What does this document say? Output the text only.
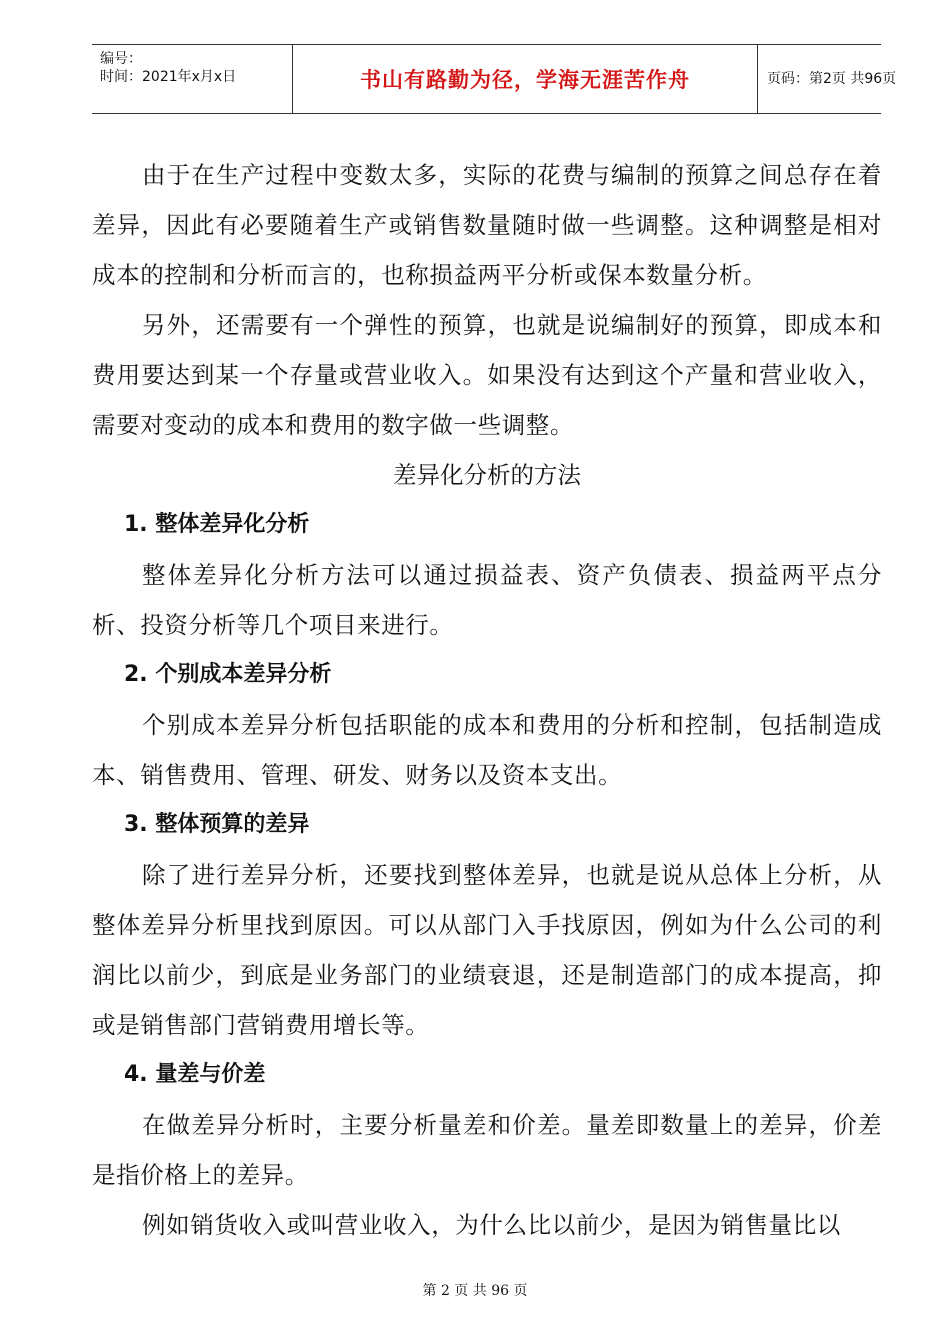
编号：
时间：2021年x月x日	书山有路勤为径，学海无涯苦作舟	页码：第2页 共96页

由于在生产过程中变数太多，实际的花费与编制的预算之间总存在着差异，因此有必要随着生产或销售数量随时做一些调整。这种调整是相对成本的控制和分析而言的，也称损益两平分析或保本数量分析。

另外，还需要有一个弹性的预算，也就是说编制好的预算，即成本和费用要达到某一个存量或营业收入。如果没有达到这个产量和营业收入，需要对变动的成本和费用的数字做一些调整。

差异化分析的方法

1. 整体差异化分析

整体差异化分析方法可以通过损益表、资产负债表、损益两平点分析、投资分析等几个项目来进行。

2. 个别成本差异分析

个别成本差异分析包括职能的成本和费用的分析和控制，包括制造成本、销售费用、管理、研发、财务以及资本支出。

3. 整体预算的差异

除了进行差异分析，还要找到整体差异，也就是说从总体上分析，从整体差异分析里找到原因。可以从部门入手找原因，例如为什么公司的利润比以前少，到底是业务部门的业绩衰退，还是制造部门的成本提高，抑或是销售部门营销费用增长等。

4. 量差与价差

在做差异分析时，主要分析量差和价差。量差即数量上的差异，价差是指价格上的差异。

例如销货收入或叫营业收入，为什么比以前少，是因为销售量比以

第 2 页 共 96 页
